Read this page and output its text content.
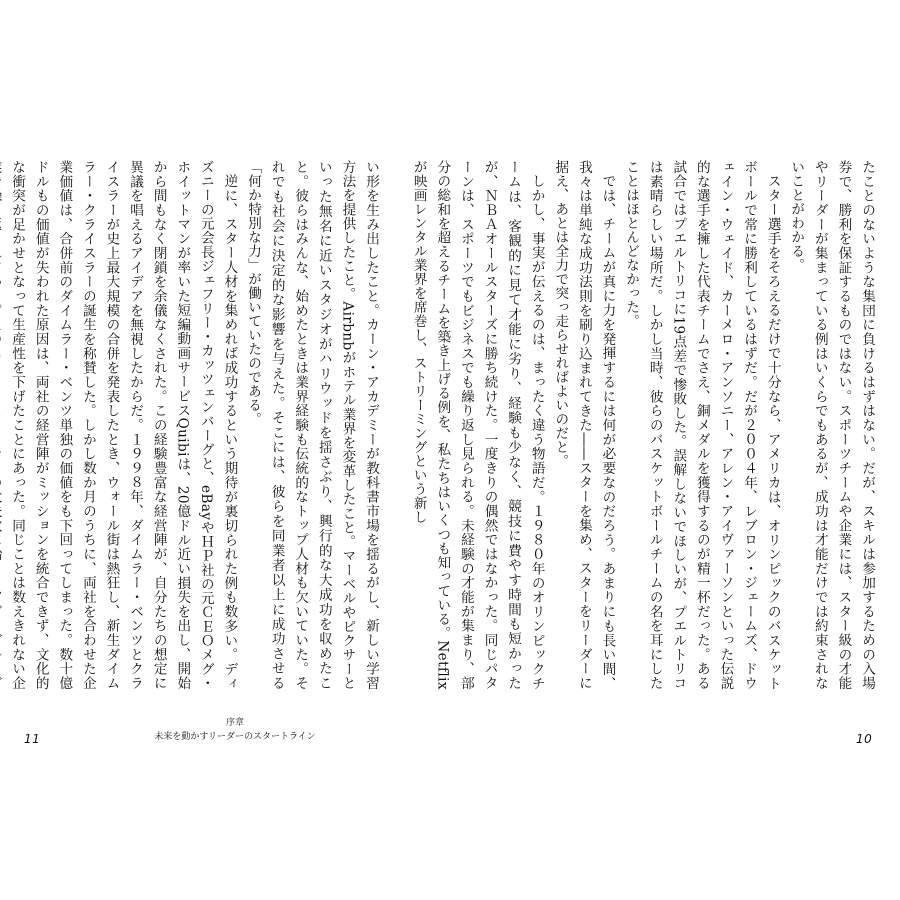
たことのないような集団に負けるはずはない。だが、スキルは参加するための入場券で、勝利を保証するものではない。スポーツチームや企業には、スター級の才能やリーダーが集まっている例はいくらでもあるが、成功は才能だけでは約束されないことがわかる。

スター選手をそろえるだけで十分なら、アメリカは、オリンピックのバスケットボールで常に勝利しているはずだ。だが２００４年、レブロン・ジェームズ、ドウェイン・ウェイド、カーメロ・アンソニー、アレン・アイヴァーソンといった伝説的な選手を擁した代表チームでさえ、銅メダルを獲得するのが精一杯だった。ある試合ではプエルトリコに19点差で惨敗した。誤解しないでほしいが、プエルトリコは素晴らしい場所だ。しかし当時、彼らのバスケットボールチームの名を耳にしたことはほとんどなかった。

では、チームが真に力を発揮するには何が必要なのだろう。あまりにも長い間、我々は単純な成功法則を刷り込まれてきた――スターを集め、スターをリーダーに据え、あとは全力で突っ走らせればよいのだと。

しかし、事実が伝えるのは、まったく違う物語だ。１９８０年のオリンピックチームは、客観的に見て才能に劣り、経験も少なく、競技に費やす時間も短かったが、ＮＢＡオールスターズに勝ち続けた。一度きりの偶然ではなかった。同じパターンは、スポーツでもビジネスでも繰り返し見られる。未経験の才能が集まり、部分の総和を超えるチームを築き上げる例を、私たちはいくつも知っている。Netflixが映画レンタル業界を席巻し、ストリーミングという新し

い形を生み出したこと。カーン・アカデミーが教科書市場を揺るがし、新しい学習方法を提供したこと。Airbnbがホテル業界を変革したこと。マーベルやピクサーといった無名に近いスタジオがハリウッドを揺さぶり、興行的な大成功を収めたこと。彼らはみんな、始めたときは業界経験も伝統的なトップ人材も欠いていた。それでも社会に決定的な影響を与えた。そこには、彼らを同業者以上に成功させる「何か特別な力」が働いていたのである。

逆に、スター人材を集めれば成功するという期待が裏切られた例も数多い。ディズニーの元会長ジェフリー・カッツェンバーグと、eBayやＨＰ社の元ＣＥＯメグ・ホイットマンが率いた短編動画サービスQuibiは、20億ドル近い損失を出し、開始から間もなく閉鎖を余儀なくされた。この経験豊富な経営陣が、自分たちの想定に異議を唱えるアイデアを無視したからだ。１９９８年、ダイムラー・ベンツとクライスラーが史上最大規模の合併を発表したとき、ウォール街は熱狂し、新生ダイムラー・クライスラーの誕生を称賛した。しかし数か月のうちに、両社を合わせた企業価値は、合併前のダイムラー・ベンツ単独の価値をも下回ってしまった。数十億ドルもの価値が失われた原因は、両社の経営陣がミッションを統合できず、文化的な衝突が足かせとなって生産性を下げたことにあった。同じことは数えきれない企

序章
未来を動かすリーダーのスタートライン
11	10
